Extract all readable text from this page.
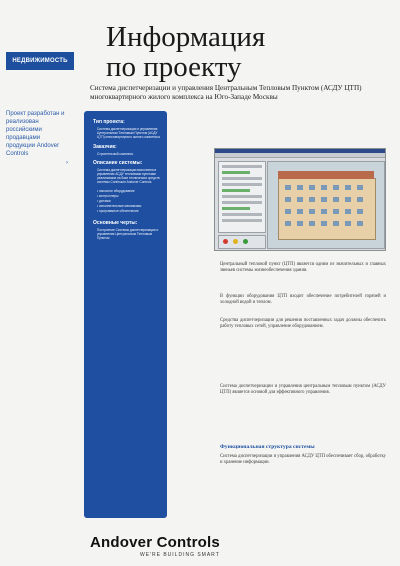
НЕДВИЖИМОСТЬ
Проект разработан и реализован российскими продавцами продукции Andover Controls
›
Информация
по проекту
Система диспетчеризации и управления Центральным Тепловым Пунктом (АСДУ ЦТП) многоквартирного жилого комплекса на Юго-Западе Москвы
Тип проекта:
Система диспетчеризации и управления Центральным Тепловым Пунктом (АСДУ ЦТП) многоквартирного жилого комплекса
Заказчик:
Строительный комплекс
Описание системы:
Система диспетчеризации выполнена в управлении АСДУ тепловыми пунктами реализована на базе технических средств системы Continuum Andover Controls.
• насосное оборудование
• контроллеры
• датчики
• исполнительные механизмы
• программное обеспечение
Основные черты:
Построение Системы диспетчеризации и управления Центральным Тепловым Пунктом
Центральный тепловой пункт (ЦТП) является одним из значительных и главных звеньев системы жизнеобеспечения здания.
В функции оборудования ЦТП входит обеспечение потребителей горячей и холодной водой и теплом.
Средства диспетчеризации для решения поставленных задач должны обеспечить работу тепловых сетей, управление оборудованием.
Система диспетчеризации и управления центральным тепловым пунктом (АСДУ ЦТП) является основой для эффективного управления.
Функциональная структура системы
Система диспетчеризации и управления АСДУ ЦТП обеспечивает сбор, обработку и хранение информации.
Andover Controls
WE'RE BUILDING SMART
